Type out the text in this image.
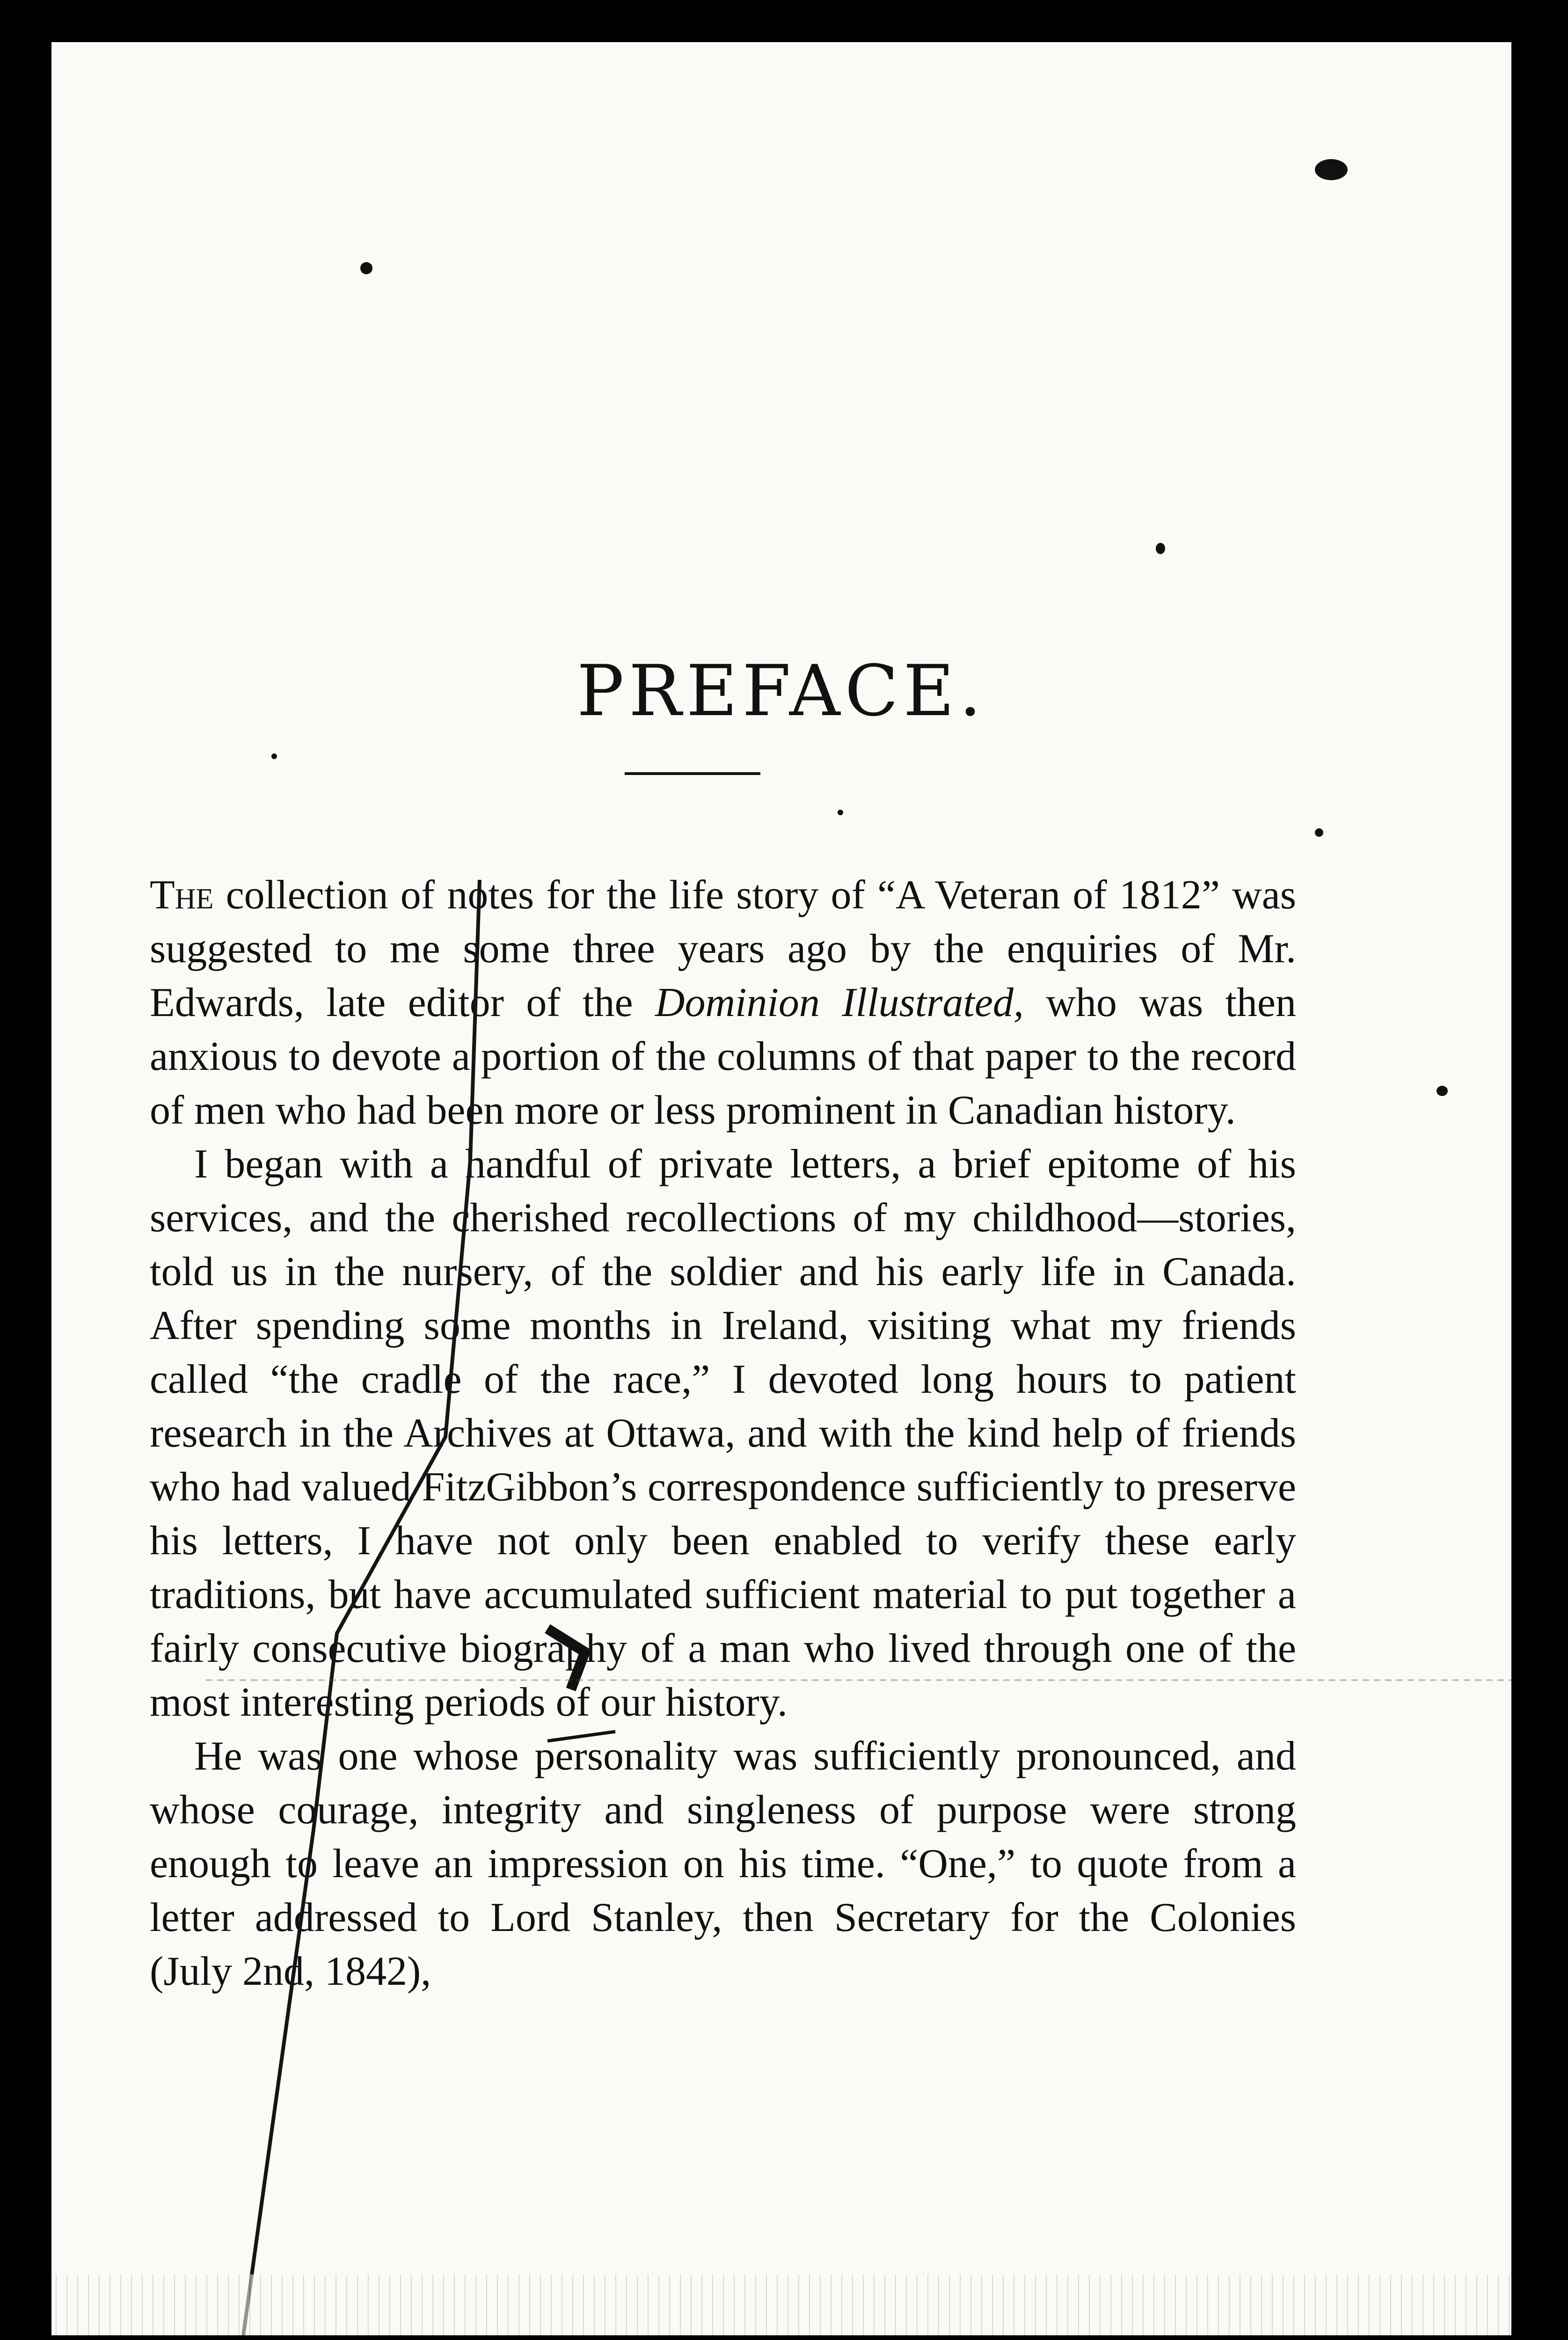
PREFACE.

The collection of notes for the life story of “A Veteran of 1812” was suggested to me some three years ago by the enquiries of Mr. Edwards, late editor of the Dominion Illustrated, who was then anxious to devote a portion of the columns of that paper to the record of men who had been more or less prominent in Canadian history.

I began with a handful of private letters, a brief epitome of his services, and the cherished recollections of my childhood—stories, told us in the nursery, of the soldier and his early life in Canada. After spending some months in Ireland, visiting what my friends called “the cradle of the race,” I devoted long hours to patient research in the Archives at Ottawa, and with the kind help of friends who had valued FitzGibbon’s correspondence sufficiently to preserve his letters, I have not only been enabled to verify these early traditions, but have accumulated sufficient material to put together a fairly consecutive biography of a man who lived through one of the most interesting periods of our history.

He was one whose personality was sufficiently pronounced, and whose courage, integrity and singleness of purpose were strong enough to leave an impression on his time. “One,” to quote from a letter addressed to Lord Stanley, then Secretary for the Colonies (July 2nd, 1842),
